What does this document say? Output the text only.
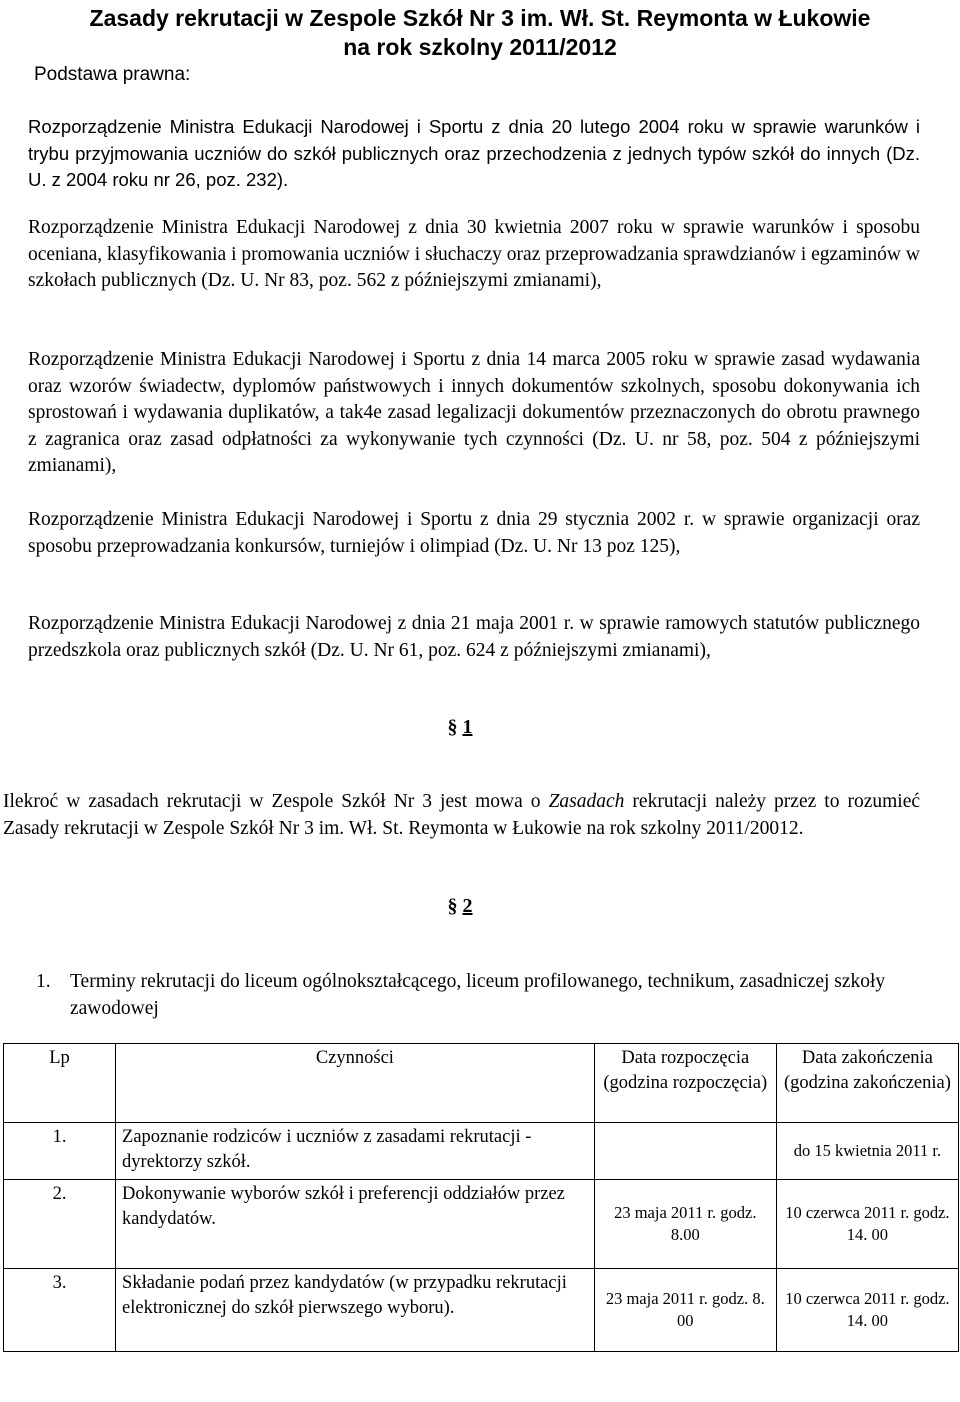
Zasady rekrutacji w Zespole Szkół Nr 3 im. Wł. St. Reymonta w Łukowie
na rok szkolny 2011/2012
Podstawa prawna:
Rozporządzenie Ministra Edukacji Narodowej i Sportu z dnia 20 lutego 2004 roku w sprawie warunków i trybu przyjmowania uczniów do szkół publicznych oraz przechodzenia z jednych typów szkół do innych (Dz. U. z 2004 roku nr 26, poz. 232).
Rozporządzenie Ministra Edukacji Narodowej z dnia 30 kwietnia 2007 roku w sprawie warunków i sposobu oceniana, klasyfikowania i promowania uczniów i słuchaczy oraz przeprowadzania sprawdzianów i egzaminów w szkołach publicznych (Dz. U. Nr 83, poz. 562 z późniejszymi zmianami),
Rozporządzenie Ministra Edukacji Narodowej i Sportu z dnia 14 marca 2005 roku w sprawie zasad wydawania oraz wzorów świadectw, dyplomów państwowych i innych dokumentów szkolnych, sposobu dokonywania ich sprostowań i wydawania duplikatów, a tak4e zasad legalizacji dokumentów przeznaczonych do obrotu prawnego z zagranica oraz zasad odpłatności za wykonywanie tych czynności (Dz. U. nr 58, poz. 504 z późniejszymi zmianami),
Rozporządzenie Ministra Edukacji Narodowej i Sportu z dnia 29 stycznia 2002 r. w sprawie organizacji oraz sposobu przeprowadzania konkursów, turniejów i olimpiad (Dz. U. Nr 13 poz 125),
Rozporządzenie Ministra Edukacji Narodowej z dnia 21 maja 2001 r. w sprawie ramowych statutów publicznego przedszkola oraz publicznych szkół (Dz. U. Nr 61, poz. 624 z późniejszymi zmianami),
§ 1
Ilekroć w zasadach rekrutacji w Zespole Szkół Nr 3 jest mowa o Zasadach rekrutacji należy przez to rozumieć Zasady rekrutacji w Zespole Szkół Nr 3 im. Wł. St. Reymonta w Łukowie na rok szkolny 2011/20012.
§ 2
1. Terminy rekrutacji do liceum ogólnokształcącego, liceum profilowanego, technikum, zasadniczej szkoły zawodowej
Lp	Czynności	Data rozpoczęcia (godzina rozpoczęcia)	Data zakończenia (godzina zakończenia)
1.	Zapoznanie rodziców i uczniów z zasadami rekrutacji - dyrektorzy szkół.		do 15 kwietnia 2011 r.
2.	Dokonywanie wyborów szkół i preferencji oddziałów przez kandydatów.	23 maja 2011 r. godz. 8.00	10 czerwca 2011 r. godz. 14. 00
3.	Składanie podań przez kandydatów (w przypadku rekrutacji elektronicznej do szkół pierwszego wyboru).	23 maja 2011 r. godz. 8. 00	10 czerwca 2011 r. godz. 14. 00
